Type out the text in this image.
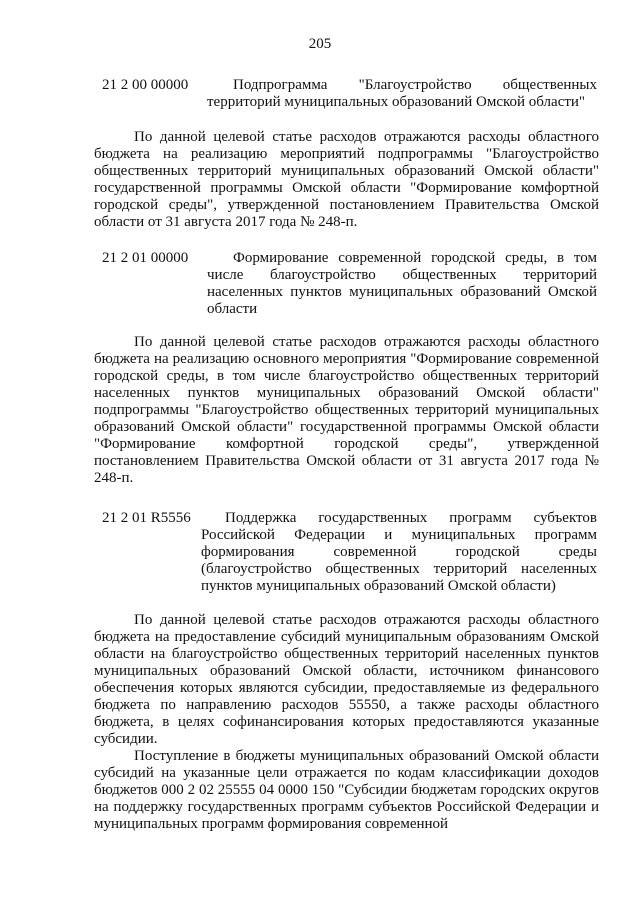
205
21 2 00 00000	Подпрограмма "Благоустройство общественных территорий муниципальных образований Омской области"
По данной целевой статье расходов отражаются расходы областного бюджета на реализацию мероприятий подпрограммы "Благоустройство общественных территорий муниципальных образований Омской области" государственной программы Омской области "Формирование комфортной городской среды", утвержденной постановлением Правительства Омской области от 31 августа 2017 года № 248-п.
21 2 01 00000	Формирование современной городской среды, в том числе благоустройство общественных территорий населенных пунктов муниципальных образований Омской области
По данной целевой статье расходов отражаются расходы областного бюджета на реализацию основного мероприятия "Формирование современной городской среды, в том числе благоустройство общественных территорий населенных пунктов муниципальных образований Омской области" подпрограммы "Благоустройство общественных территорий муниципальных образований Омской области" государственной программы Омской области "Формирование комфортной городской среды", утвержденной постановлением Правительства Омской области от 31 августа 2017 года № 248-п.
21 2 01 R5556	Поддержка государственных программ субъектов Российской Федерации и муниципальных программ формирования современной городской среды (благоустройство общественных территорий населенных пунктов муниципальных образований Омской области)
По данной целевой статье расходов отражаются расходы областного бюджета на предоставление субсидий муниципальным образованиям Омской области на благоустройство общественных территорий населенных пунктов муниципальных образований Омской области, источником финансового обеспечения которых являются субсидии, предоставляемые из федерального бюджета по направлению расходов 55550, а также расходы областного бюджета, в целях софинансирования которых предоставляются указанные субсидии.
Поступление в бюджеты муниципальных образований Омской области субсидий на указанные цели отражается по кодам классификации доходов бюджетов 000 2 02 25555 04 0000 150 "Субсидии бюджетам городских округов на поддержку государственных программ субъектов Российской Федерации и муниципальных программ формирования современной
